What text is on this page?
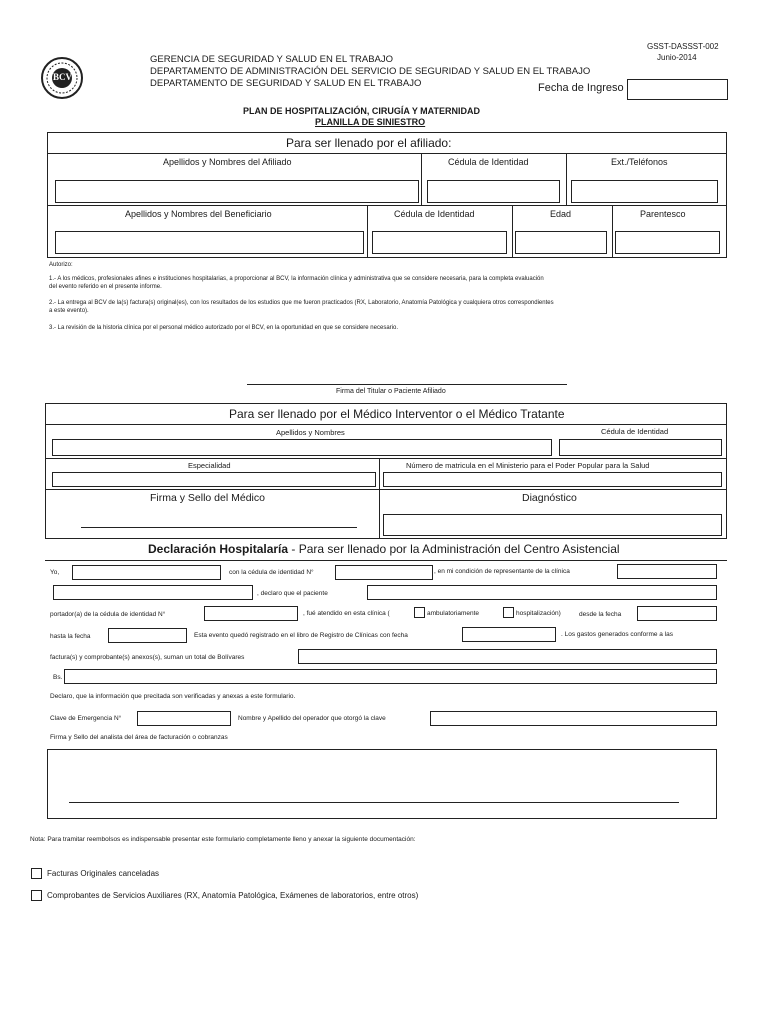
BCV
GSST-DASSST-002
Junio-2014
GERENCIA DE SEGURIDAD Y SALUD EN EL TRABAJO
DEPARTAMENTO DE ADMINISTRACIÓN DEL SERVICIO DE SEGURIDAD Y SALUD EN EL TRABAJO
DEPARTAMENTO DE SEGURIDAD Y SALUD EN EL TRABAJO	Fecha de Ingreso
PLAN DE HOSPITALIZACIÓN, CIRUGÍA Y MATERNIDAD
PLANILLA DE SINIESTRO
Para ser llenado por el afiliado:
Apellidos y Nombres del Afiliado	Cédula de Identidad	Ext./Teléfonos
Apellidos y Nombres del Beneficiario	Cédula de Identidad	Edad	Parentesco
Autorizo:
1.- A los médicos, profesionales afines e instituciones hospitalarias, a proporcionar al BCV, la información clínica y administrativa que se considere necesaria, para la completa evaluación
del evento referido en el presente informe.
2.- La entrega al BCV de la(s) factura(s) original(es), con los resultados de los estudios que me fueron practicados (RX, Laboratorio, Anatomía Patológica y cualquiera otros correspondientes
a este evento).
3.- La revisión de la historia clínica por el personal médico autorizado por el BCV, en la oportunidad en que se considere necesario.
Firma del Titular o Paciente Afiliado
Para ser llenado por el Médico Interventor o el Médico Tratante
Apellidos y Nombres	Cédula de Identidad
Especialidad	Número de matricula en el Ministerio para el Poder Popular para la Salud
Firma y Sello del Médico	Diagnóstico
Declaración Hospitalaría - Para ser llenado por la Administración del Centro Asistencial
Yo,	con la cédula de identidad N°	, en mi condición de representante de la clínica
, declaro que el paciente
portador(a) de la cédula de identidad N°	, fué atendido en esta clínica (	ambulatoriamente	hospitalización)	desde la fecha
hasta la fecha	Esta evento quedó registrado en el libro de Registro de Clínicas con fecha	. Los gastos generados conforme a las
factura(s) y comprobante(s) anexos(s), suman un total de Bolívares
Bs.
Declaro, que la información que precitada son verificadas y anexas a este formulario.
Clave de Emergencia N°	Nombre y Apellido del operador que otorgó la clave
Firma y Sello del analista del área de facturación o cobranzas
Nota: Para tramitar reembolsos es indispensable presentar este formulario completamente lleno y anexar la siguiente documentación:
Facturas Originales canceladas
Comprobantes de Servicios Auxiliares (RX, Anatomía Patológica, Exámenes de laboratorios, entre otros)
